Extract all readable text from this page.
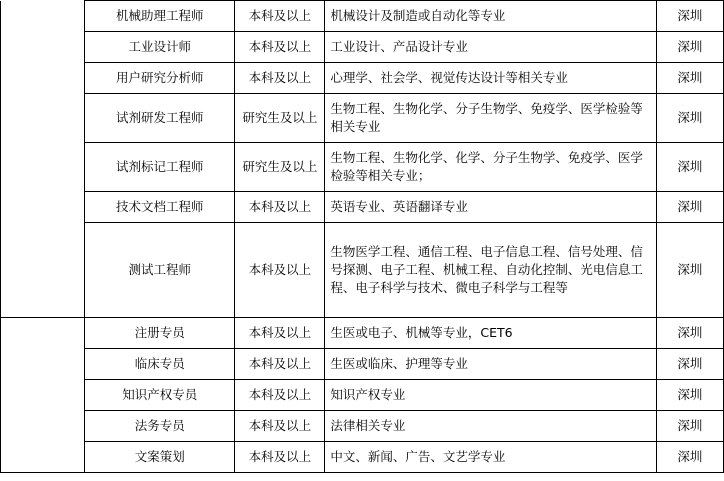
	机械助理工程师	本科及以上	机械设计及制造或自动化等专业	深圳
	工业设计师	本科及以上	工业设计、产品设计专业	深圳
	用户研究分析师	本科及以上	心理学、社会学、视觉传达设计等相关专业	深圳
	试剂研发工程师	研究生及以上	生物工程、生物化学、分子生物学、免疫学、医学检验等相关专业	深圳
	试剂标记工程师	研究生及以上	生物工程、生物化学、化学、分子生物学、免疫学、医学检验等相关专业；	深圳
	技术文档工程师	本科及以上	英语专业、英语翻译专业	深圳
	测试工程师	本科及以上	生物医学工程、通信工程、电子信息工程、信号处理、信号探测、电子工程、机械工程、自动化控制、光电信息工程、电子科学与技术、微电子科学与工程等	深圳
	注册专员	本科及以上	生医或电子、机械等专业，CET6	深圳
	临床专员	本科及以上	生医或临床、护理等专业	深圳
	知识产权专员	本科及以上	知识产权专业	深圳
	法务专员	本科及以上	法律相关专业	深圳
	文案策划	本科及以上	中文、新闻、广告、文艺学专业	深圳
